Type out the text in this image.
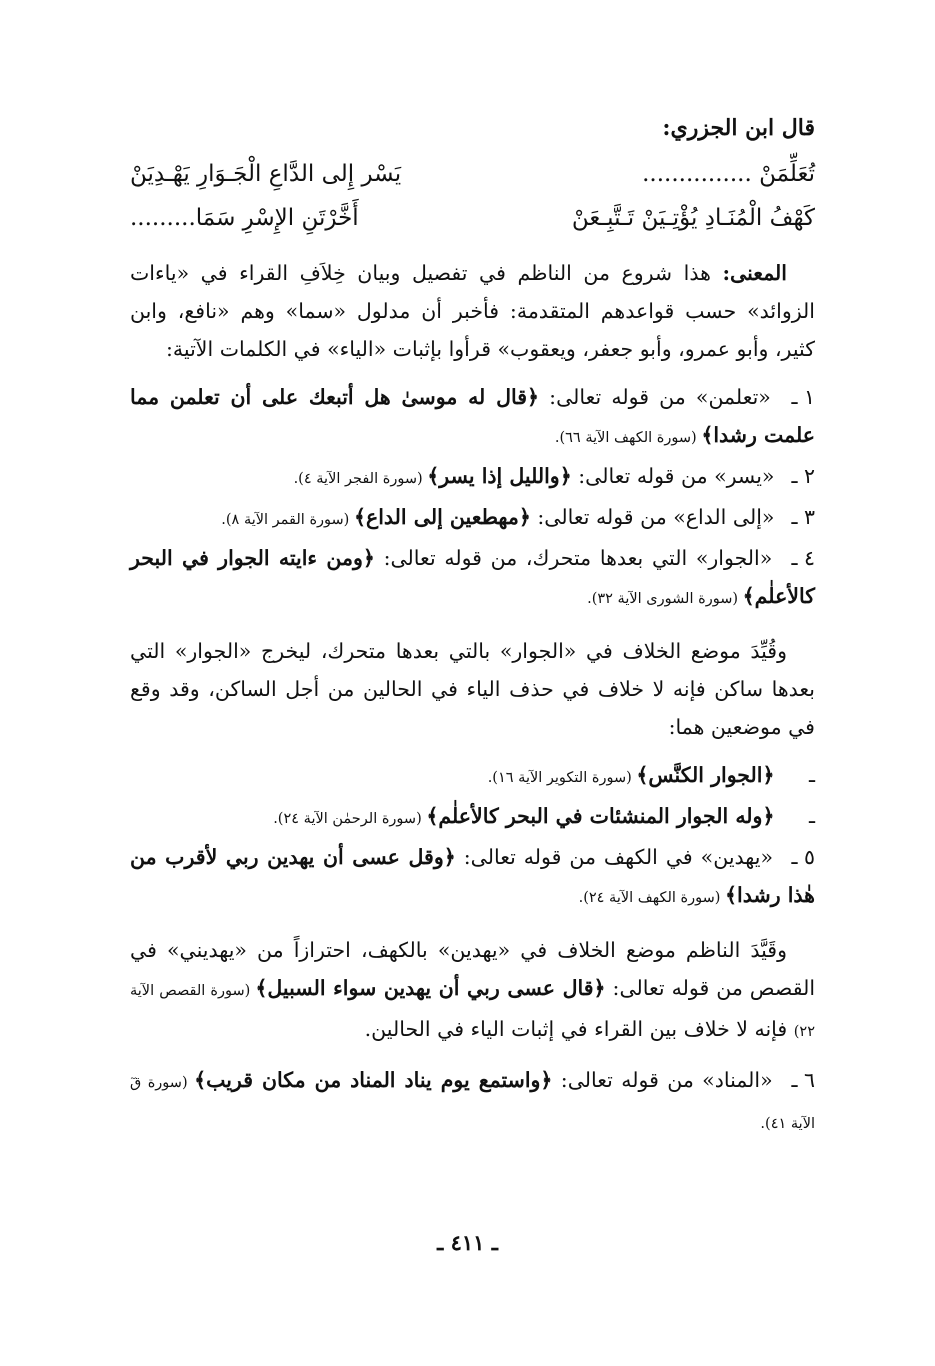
قال ابن الجزري:

تُعَلِّمَنْ ...............
يَسْر إِلى الدَّاعِ الْجَـوَارِ يَهْـدِيَنْ

كَهْفُ الْمُنَـادِ يُؤْتِـيَنْ تَـتَّبِـعَنْ
أَخَّرْتَنِ الإِسْرِ سَمَا.........

المعنى: هذا شروع من الناظم في تفصيل وبيان خِلاَفِ القراء في «ياءات الزوائد» حسب قواعدهم المتقدمة: فأخبر أن مدلول «سما» وهم «نافع، وابن كثير، وأبو عمرو، وأبو جعفر، ويعقوب» قرأوا بإثبات «الياء» في الكلمات الآتية:

١ ـ «تعلمن» من قوله تعالى: ﴿قال له موسىٰ هل أتبعك على أن تعلمن مما علمت رشدا﴾ (سورة الكهف الآية ٦٦).

٢ ـ «يسر» من قوله تعالى: ﴿والليل إذا يسر﴾ (سورة الفجر الآية ٤).

٣ ـ «إلى الداع» من قوله تعالى: ﴿مهطعين إلى الداع﴾ (سورة القمر الآية ٨).

٤ ـ «الجوار» التي بعدها متحرك، من قوله تعالى: ﴿ومن ءايته الجوار في البحر كالأعلٰم﴾ (سورة الشورى الآية ٣٢).

وقُيِّدَ موضع الخلاف في «الجوار» بالتي بعدها متحرك، ليخرج «الجوار» التي بعدها ساكن فإنه لا خلاف في حذف الياء في الحالين من أجل الساكن، وقد وقع في موضعين هما:

ـ ﴿الجوار الكنَّس﴾ (سورة التكوير الآية ١٦).

ـ ﴿وله الجوار المنشئات في البحر كالأعلٰم﴾ (سورة الرحمٰن الآية ٢٤).

٥ ـ «يهدين» في الكهف من قوله تعالى: ﴿وقل عسى أن يهدين ربي لأقرب من هٰذا رشدا﴾ (سورة الكهف الآية ٢٤).

وقَيَّدَ الناظم موضع الخلاف في «يهدين» بالكهف، احترازاً من «يهديني» في القصص من قوله تعالى: ﴿قال عسى ربي أن يهدين سواء السبيل﴾ (سورة القصص الآية ٢٢) فإنه لا خلاف بين القراء في إثبات الياء في الحالين.

٦ ـ «المناد» من قوله تعالى: ﴿واستمع يوم يناد المناد من مكان قريب﴾ (سورة قٓ الآية ٤١).

ـ ٤١١ ـ
